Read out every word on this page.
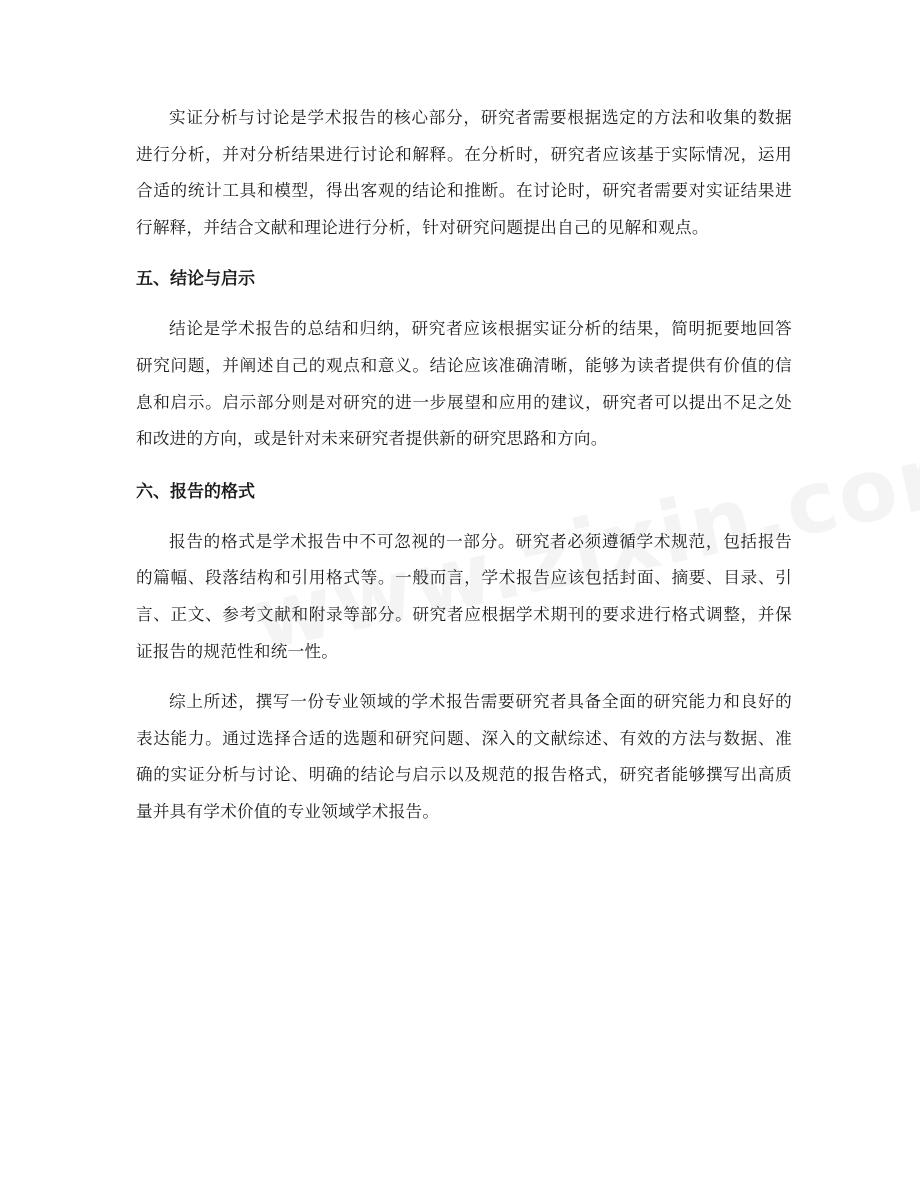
实证分析与讨论是学术报告的核心部分，研究者需要根据选定的方法和收集的数据进行分析，并对分析结果进行讨论和解释。在分析时，研究者应该基于实际情况，运用合适的统计工具和模型，得出客观的结论和推断。在讨论时，研究者需要对实证结果进行解释，并结合文献和理论进行分析，针对研究问题提出自己的见解和观点。

五、结论与启示

结论是学术报告的总结和归纳，研究者应该根据实证分析的结果，简明扼要地回答研究问题，并阐述自己的观点和意义。结论应该准确清晰，能够为读者提供有价值的信息和启示。启示部分则是对研究的进一步展望和应用的建议，研究者可以提出不足之处和改进的方向，或是针对未来研究者提供新的研究思路和方向。

六、报告的格式

报告的格式是学术报告中不可忽视的一部分。研究者必须遵循学术规范，包括报告的篇幅、段落结构和引用格式等。一般而言，学术报告应该包括封面、摘要、目录、引言、正文、参考文献和附录等部分。研究者应根据学术期刊的要求进行格式调整，并保证报告的规范性和统一性。

综上所述，撰写一份专业领域的学术报告需要研究者具备全面的研究能力和良好的表达能力。通过选择合适的选题和研究问题、深入的文献综述、有效的方法与数据、准确的实证分析与讨论、明确的结论与启示以及规范的报告格式，研究者能够撰写出高质量并具有学术价值的专业领域学术报告。
